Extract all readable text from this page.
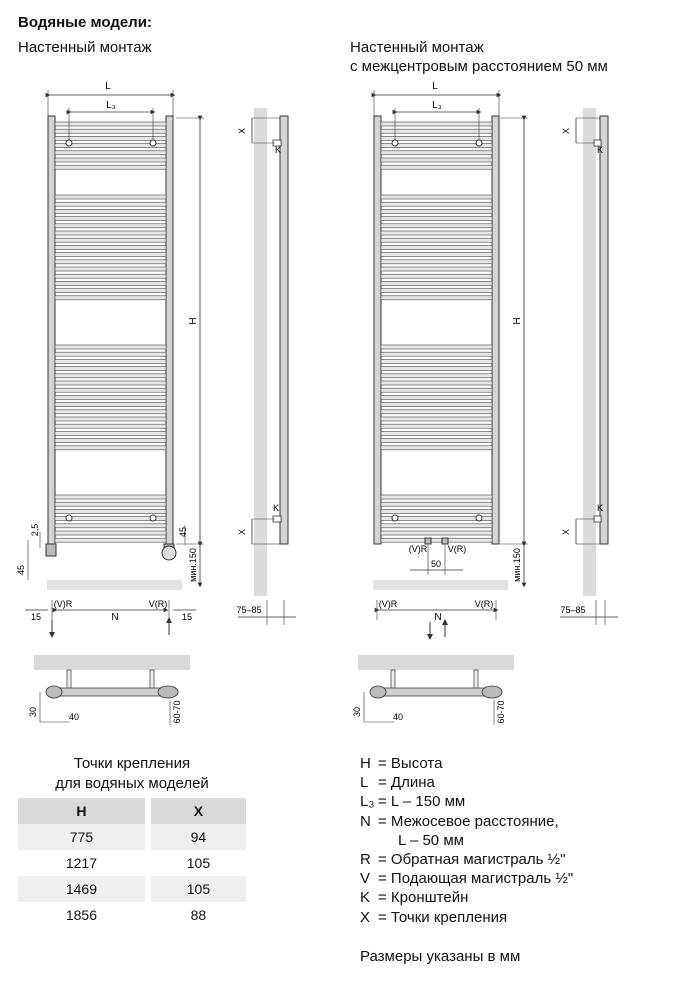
Водяные модели:
Настенный монтаж	Настенный монтаж
с межцентровым расстоянием 50 мм
L
L₃
H
мин.150
45
2,5
45
(V)R	V(R)
N
15	15
X
K
K
X
75–85
L
L₃
H
мин.150
(V)R V(R)
50
(V)R	V(R)
N
X
K
K
X
75–85
30	40	60-70	30	40	60-70
Точки крепления
для водяных моделей
H		X
775		94
1217		105
1469		105
1856		88
H = Высота
L = Длина
L₃ = L – 150 мм
N = Межосевое расстояние,
L – 50 мм
R = Обратная магистраль ½"
V = Подающая магистраль ½"
K = Кронштейн
X = Точки крепления
Размеры указаны в мм
